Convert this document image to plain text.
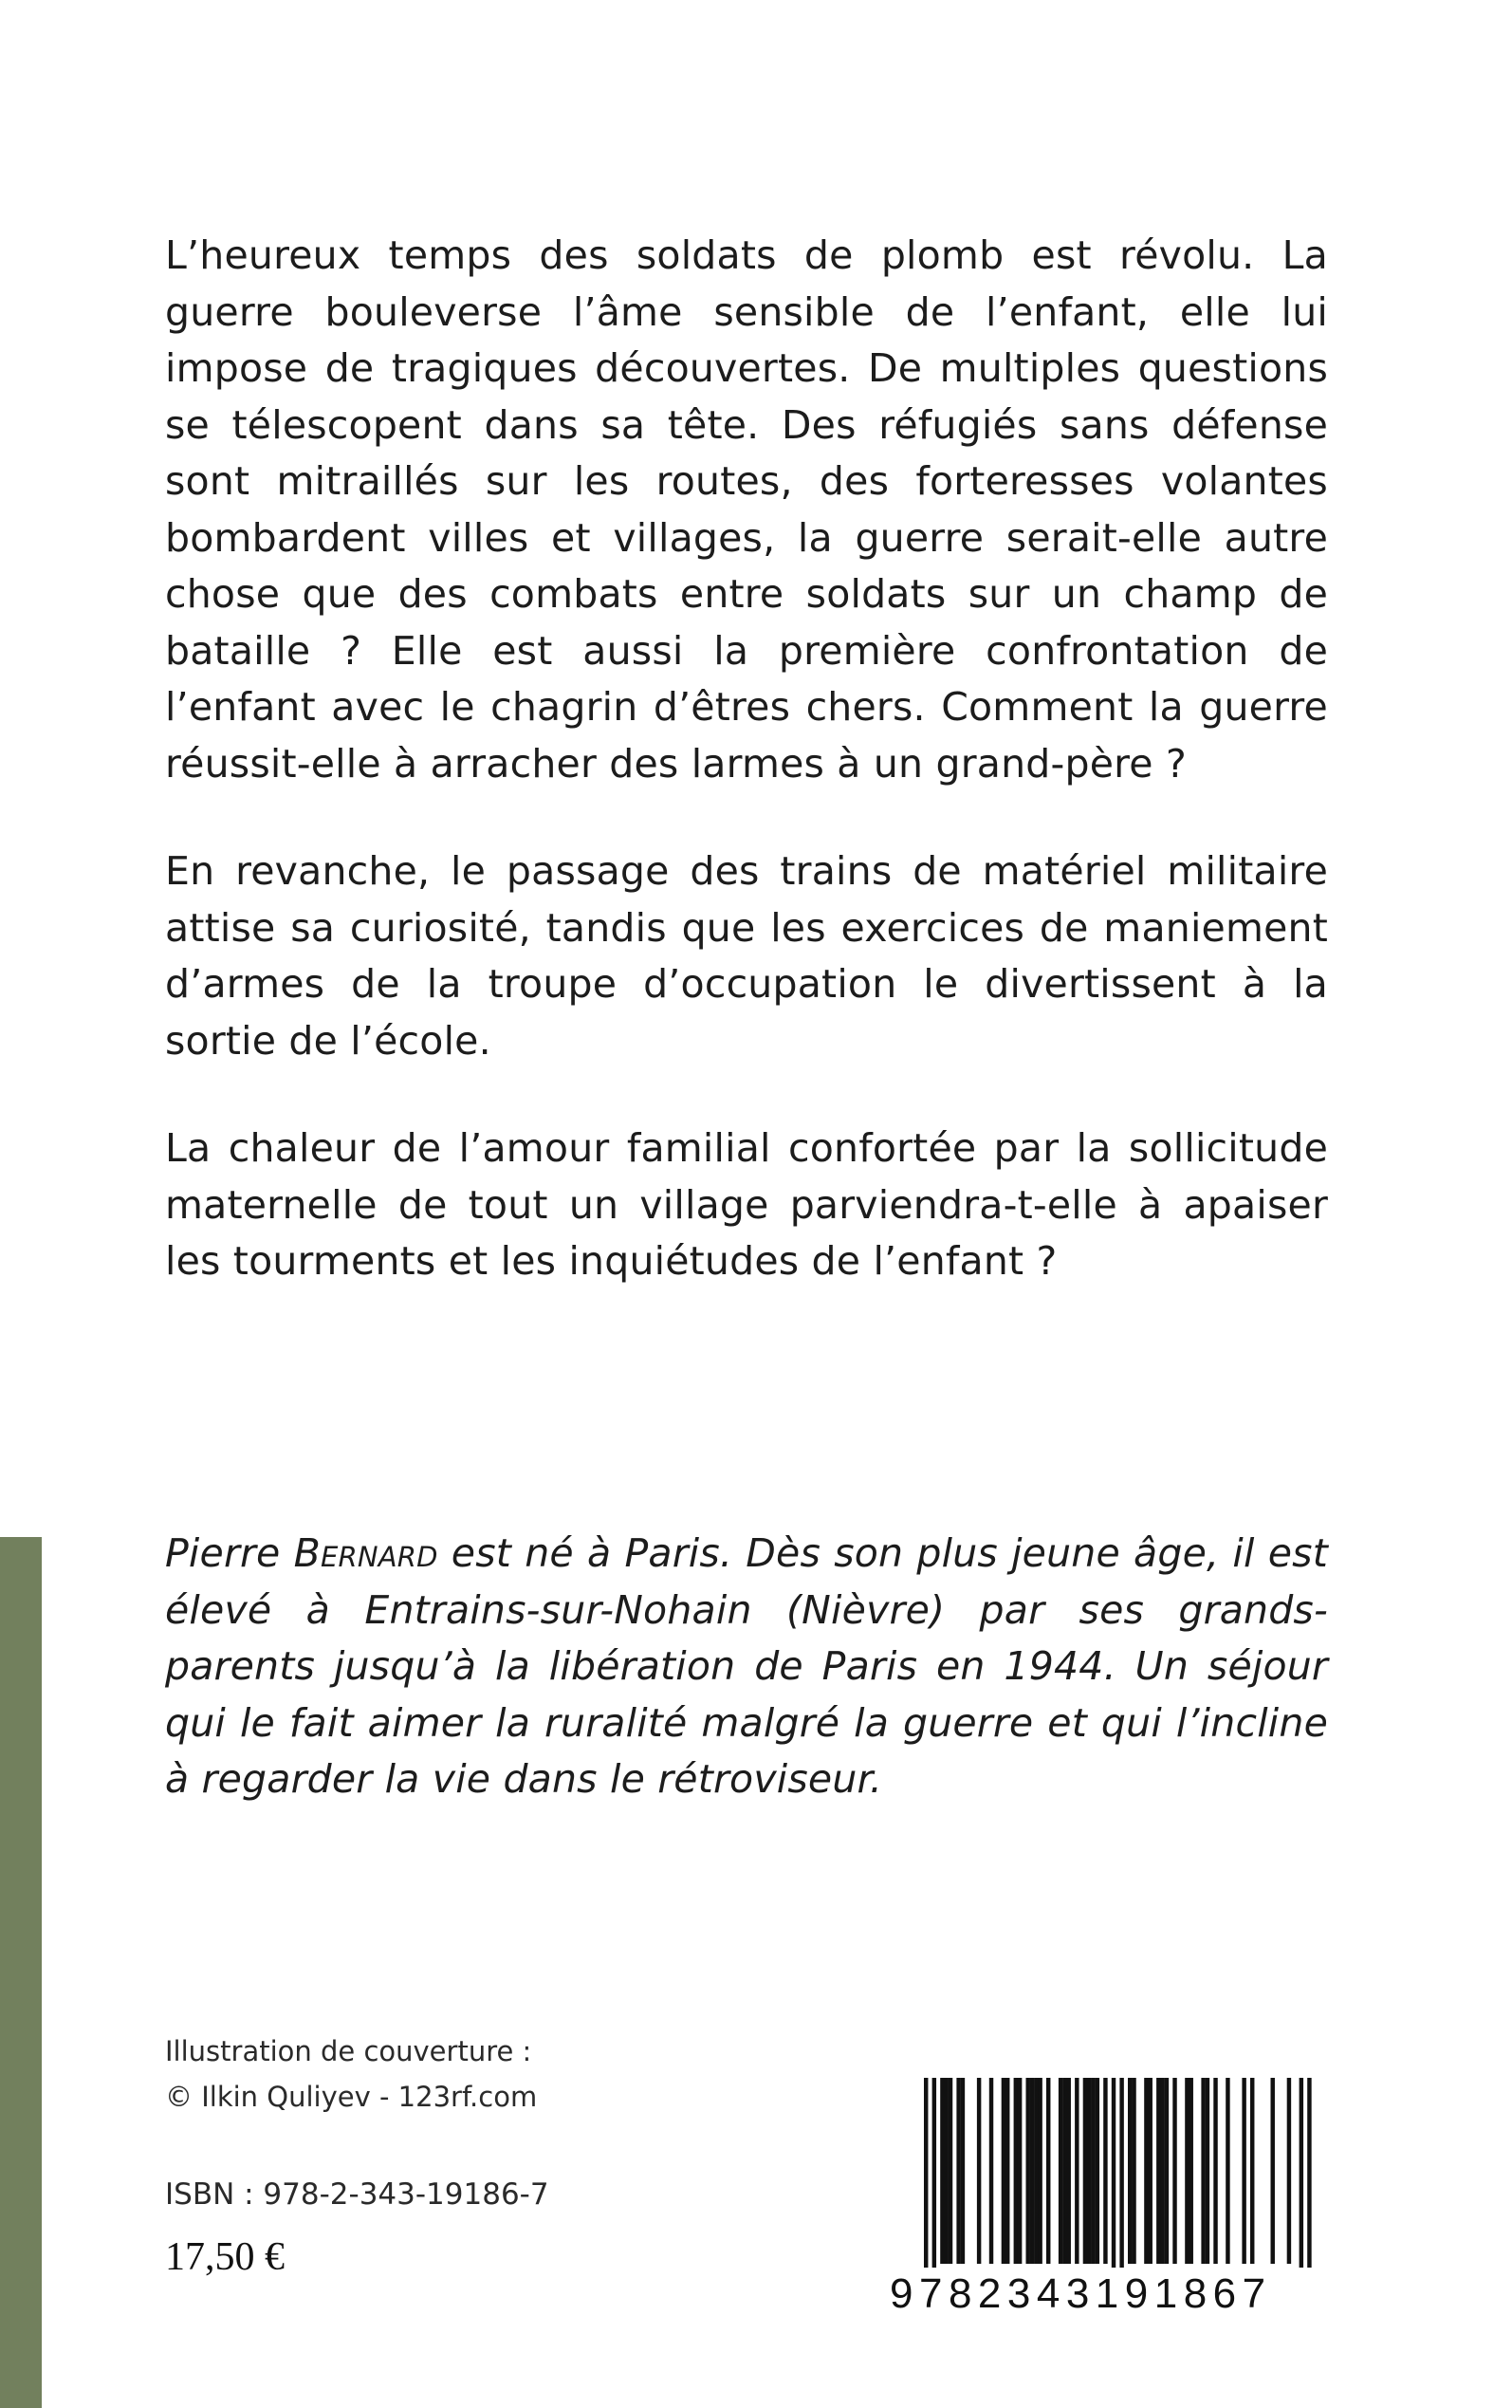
L’heureux temps des soldats de plomb est révolu. La guerre bouleverse l’âme sensible de l’enfant, elle lui impose de tragiques découvertes. De multiples questions se télescopent dans sa tête. Des réfugiés sans défense sont mitraillés sur les routes, des forteresses volantes bombardent villes et villages, la guerre serait-elle autre chose que des combats entre soldats sur un champ de bataille ? Elle est aussi la première confrontation de l’enfant avec le chagrin d’êtres chers. Comment la guerre réussit-elle à arracher des larmes à un grand-père ?

En revanche, le passage des trains de matériel militaire attise sa curiosité, tandis que les exercices de maniement d’armes de la troupe d’occupation le divertissent à la sortie de l’école.

La chaleur de l’amour familial confortée par la sollicitude maternelle de tout un village parviendra-t-elle à apaiser les tourments et les inquiétudes de l’enfant ?

Pierre Bernard est né à Paris. Dès son plus jeune âge, il est élevé à Entrains-sur-Nohain (Nièvre) par ses grands-parents jusqu’à la libération de Paris en 1944. Un séjour qui le fait aimer la ruralité malgré la guerre et qui l’incline à regarder la vie dans le rétroviseur.
Illustration de couverture :
© Ilkin Quliyev - 123rf.com
ISBN : 978-2-343-19186-7
17,50 €
9782343191867
